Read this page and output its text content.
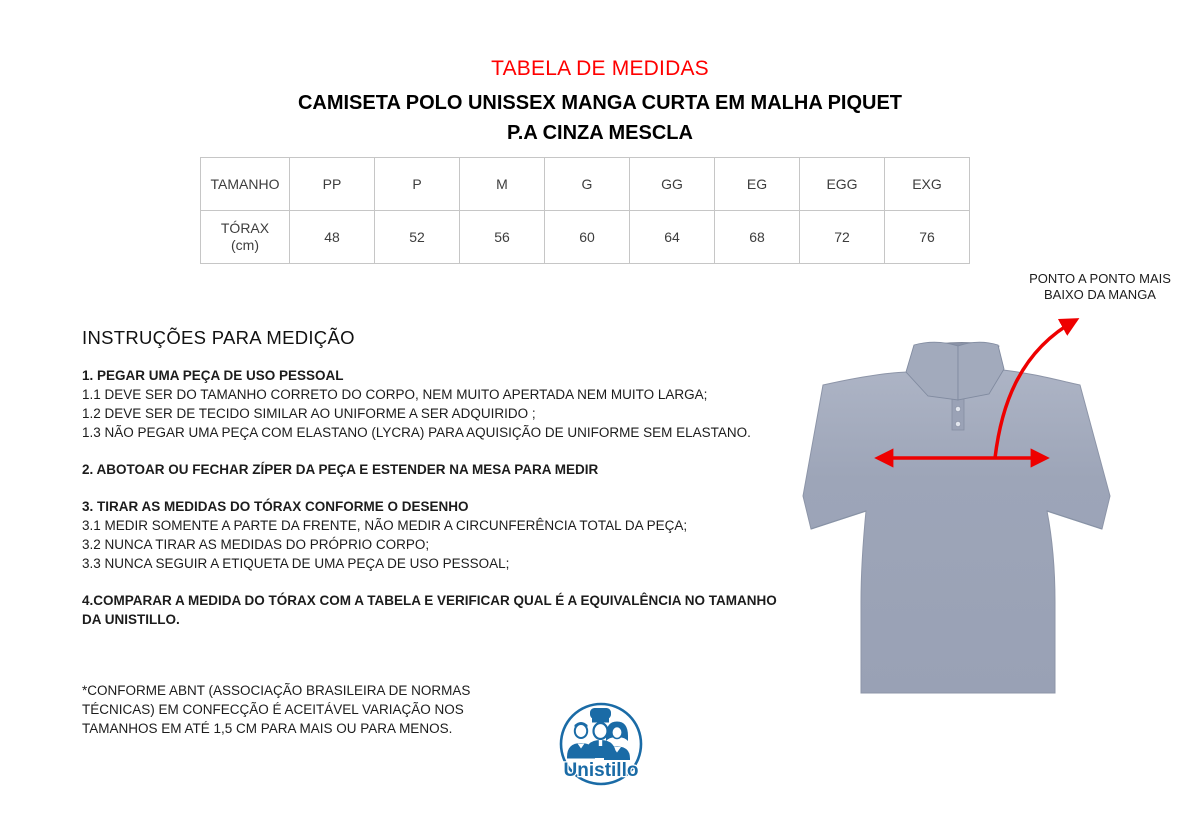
TABELA DE MEDIDAS
CAMISETA POLO UNISSEX MANGA CURTA EM MALHA PIQUET
P.A CINZA MESCLA
TAMANHO	PP	P	M	G	GG	EG	EGG	EXG

TÓRAX
(cm)	48	52	56	60	64	68	72	76
INSTRUÇÕES PARA MEDIÇÃO

1. PEGAR UMA PEÇA DE USO PESSOAL

1.1 DEVE SER DO TAMANHO CORRETO DO CORPO, NEM MUITO APERTADA NEM MUITO LARGA;

1.2 DEVE SER DE TECIDO SIMILAR AO UNIFORME A SER ADQUIRIDO ;

1.3 NÃO PEGAR UMA PEÇA COM ELASTANO (LYCRA) PARA AQUISIÇÃO DE UNIFORME SEM ELASTANO.

2. ABOTOAR OU FECHAR ZÍPER DA PEÇA E ESTENDER NA MESA PARA MEDIR

3. TIRAR AS MEDIDAS DO TÓRAX CONFORME O DESENHO

3.1 MEDIR SOMENTE A PARTE DA FRENTE, NÃO MEDIR A CIRCUNFERÊNCIA TOTAL DA PEÇA;

3.2 NUNCA TIRAR AS MEDIDAS DO PRÓPRIO CORPO;

3.3 NUNCA SEGUIR A ETIQUETA DE UMA PEÇA DE USO PESSOAL;

4.COMPARAR A MEDIDA DO TÓRAX COM A TABELA E VERIFICAR QUAL É A EQUIVALÊNCIA NO TAMANHO DA UNISTILLO.

*CONFORME ABNT (ASSOCIAÇÃO BRASILEIRA DE NORMAS

TÉCNICAS) EM CONFECÇÃO É ACEITÁVEL VARIAÇÃO NOS

TAMANHOS EM ATÉ 1,5 CM PARA MAIS OU PARA MENOS.

PONTO A PONTO MAIS
BAIXO DA MANGA
Unistillo
